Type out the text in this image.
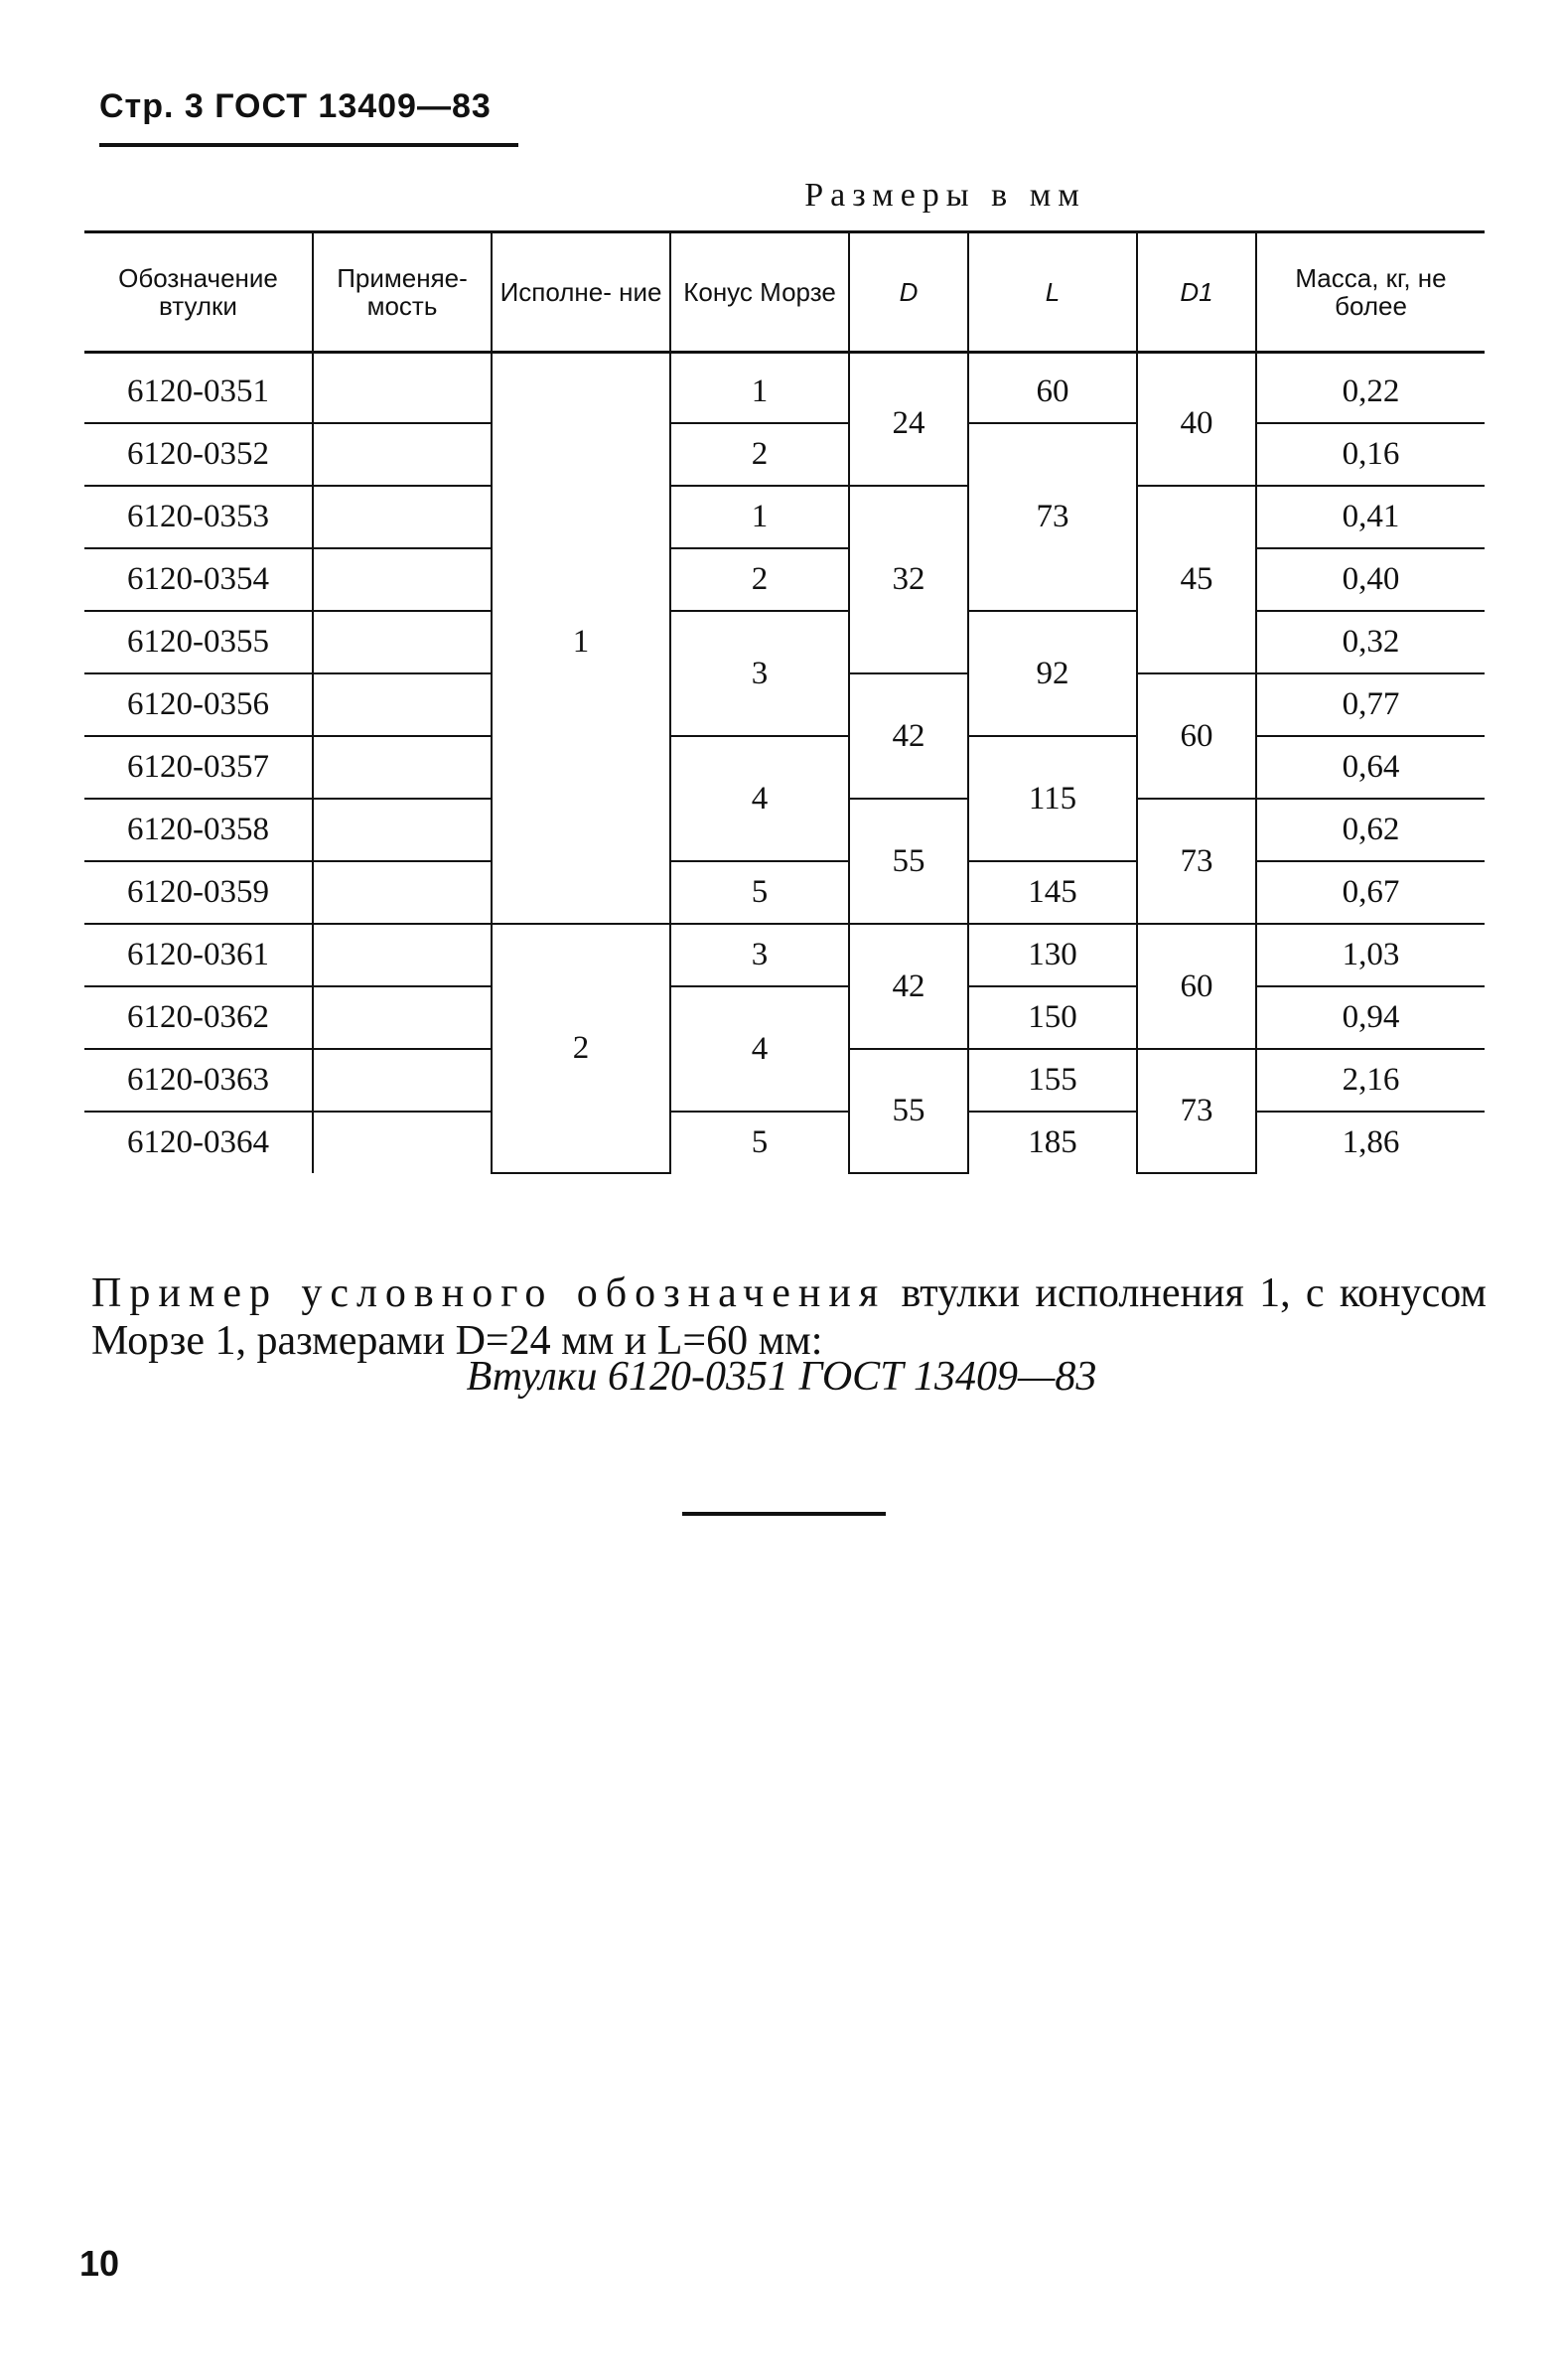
Стр. 3 ГОСТ 13409—83
Размеры в мм
Обозначение втулки	Применяе- мость	Исполне- ние	Конус Морзе	D	L	D1	Масса, кг, не более
6120-0351		1	1	24	60	40	0,22
6120-0352			2		73		0,16
6120-0353			1	32		45	0,41
6120-0354			2				0,40
6120-0355			3		92		0,32
6120-0356				42		60	0,77
6120-0357			4		115		0,64
6120-0358				55		73	0,62
6120-0359			5		145		0,67
6120-0361		2	3	42	130	60	1,03
6120-0362			4		150		0,94
6120-0363				55	155	73	2,16
6120-0364			5		185		1,86

Пример условного обозначения втулки исполнения 1, с конусом Морзе 1, размерами D=24 мм и L=60 мм:

Втулки 6120-0351 ГОСТ 13409—83
10
